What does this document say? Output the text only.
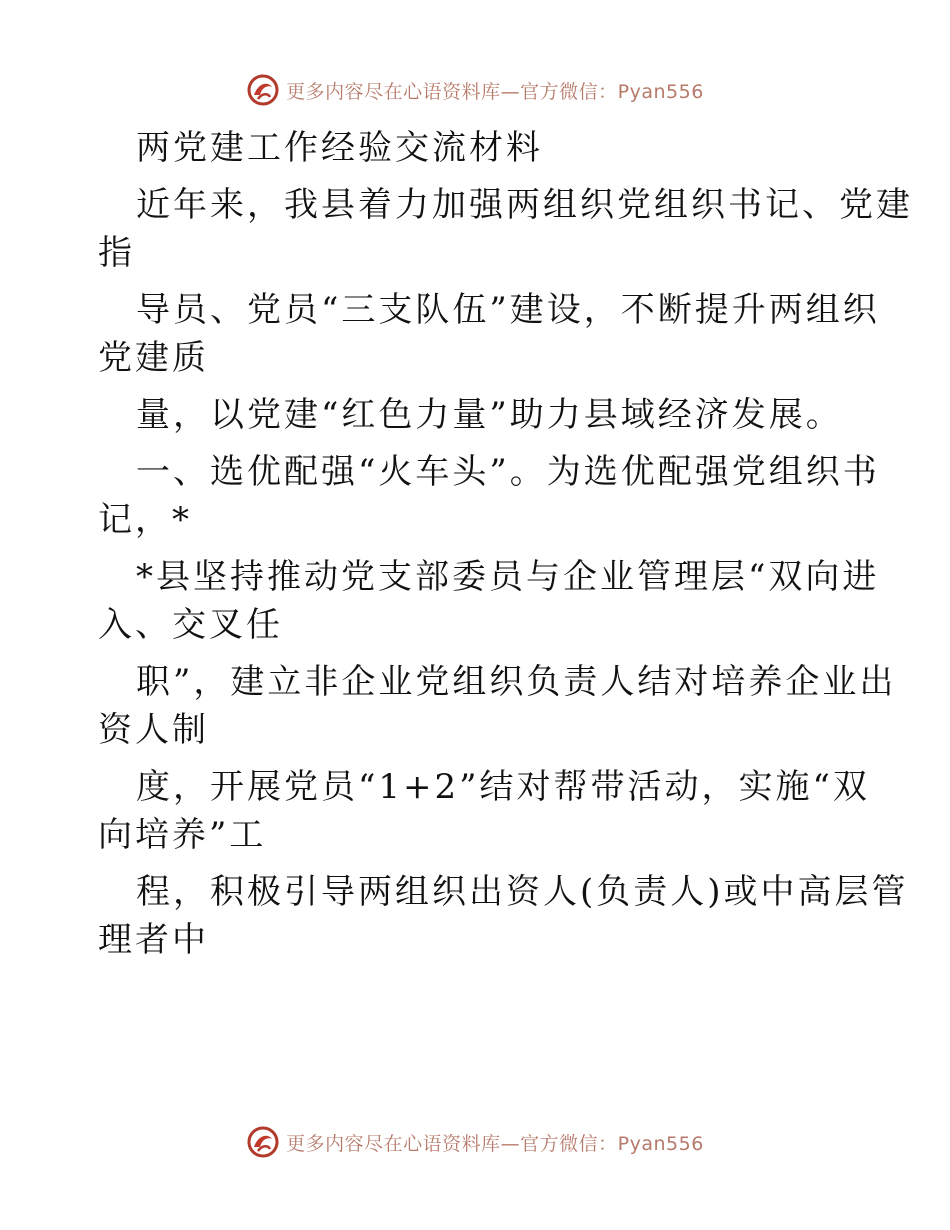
更多内容尽在心语资料库—官方微信：Pyan556

两党建工作经验交流材料

近年来，我县着力加强两组织党组织书记、党建

指

导员、党员“三支队伍”建设，不断提升两组织

党建质

量，以党建“红色力量”助力县域经济发展。

一、选优配强“火车头”。为选优配强党组织书

记，*

*县坚持推动党支部委员与企业管理层“双向进

入、交叉任

职”，建立非企业党组织负责人结对培养企业出

资人制

度，开展党员“1+2”结对帮带活动，实施“双

向培养”工

程，积极引导两组织出资人(负责人)或中高层管

理者中

更多内容尽在心语资料库—官方微信：Pyan556
